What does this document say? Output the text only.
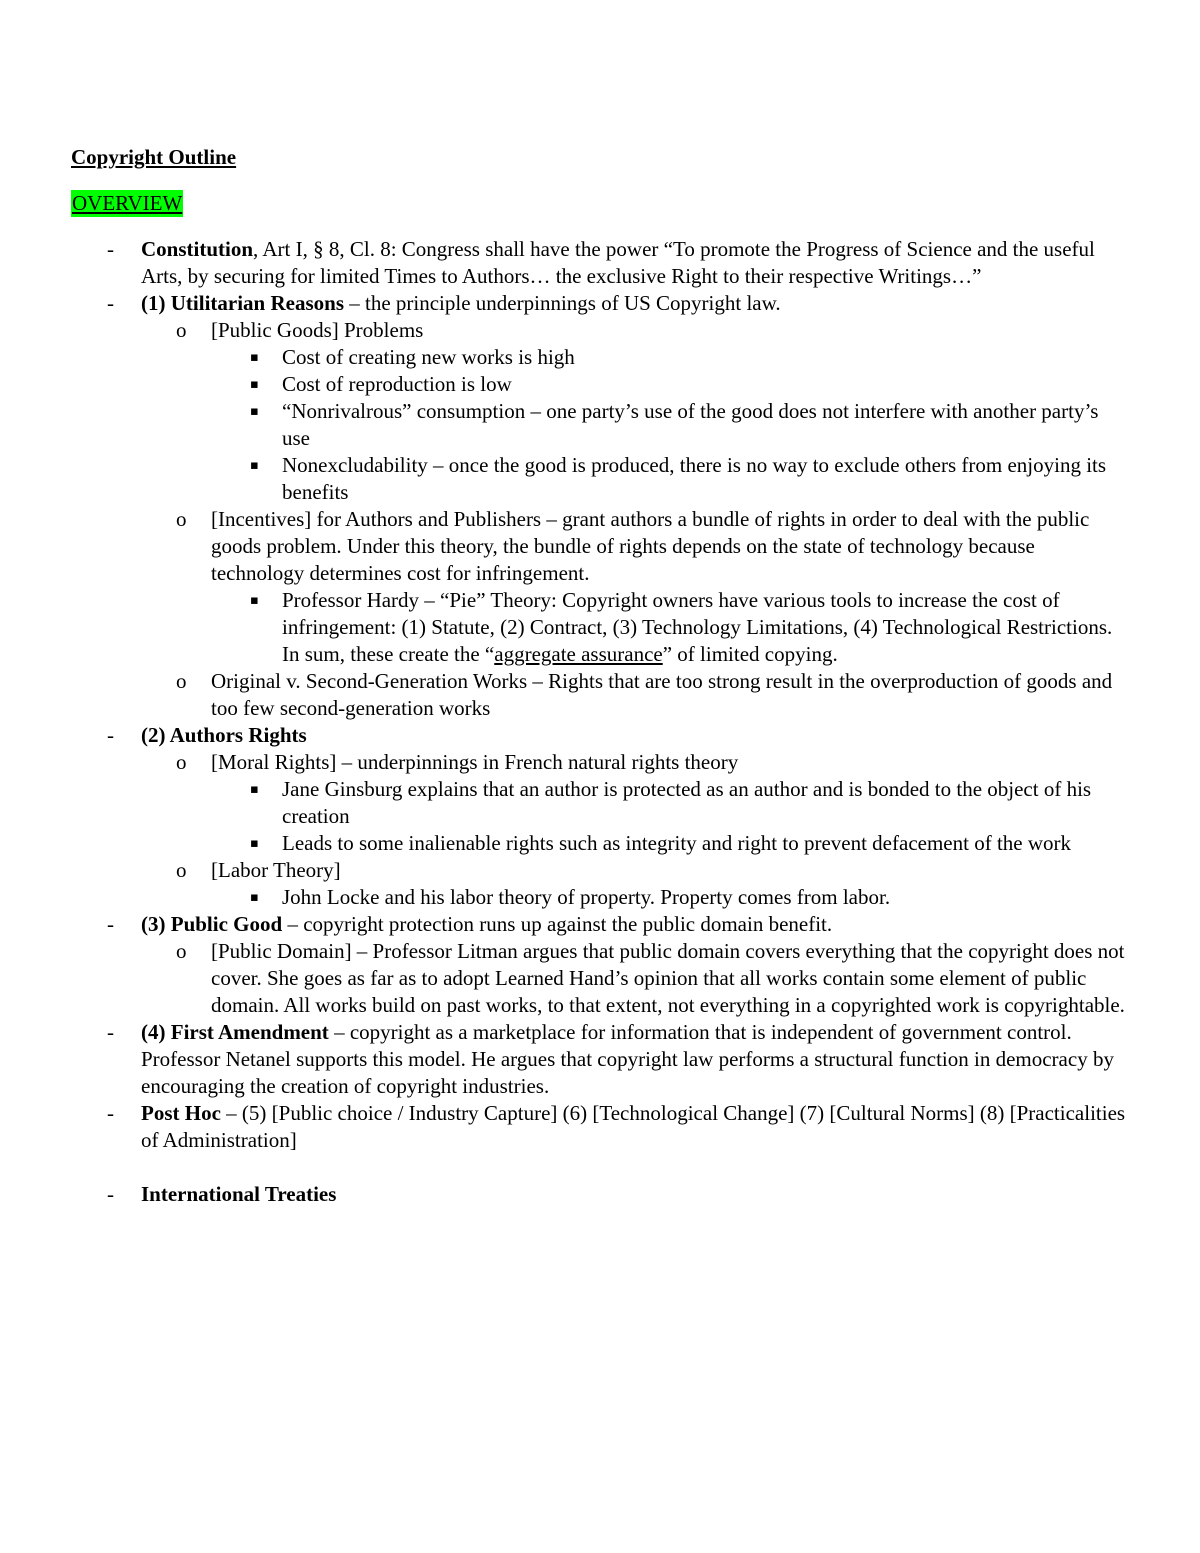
Copyright Outline
OVERVIEW
- Constitution, Art I, § 8, Cl. 8: Congress shall have the power “To promote the Progress of Science and the useful Arts, by securing for limited Times to Authors… the exclusive Right to their respective Writings…”
- (1) Utilitarian Reasons – the principle underpinnings of US Copyright law.
o [Public Goods] Problems
▪ Cost of creating new works is high
▪ Cost of reproduction is low
▪ “Nonrivalrous” consumption – one party’s use of the good does not interfere with another party’s use
▪ Nonexcludability – once the good is produced, there is no way to exclude others from enjoying its benefits
o [Incentives] for Authors and Publishers – grant authors a bundle of rights in order to deal with the public goods problem. Under this theory, the bundle of rights depends on the state of technology because technology determines cost for infringement.
▪ Professor Hardy – “Pie” Theory: Copyright owners have various tools to increase the cost of infringement: (1) Statute, (2) Contract, (3) Technology Limitations, (4) Technological Restrictions. In sum, these create the “aggregate assurance” of limited copying.
o Original v. Second-Generation Works – Rights that are too strong result in the overproduction of goods and too few second-generation works
- (2) Authors Rights
o [Moral Rights] – underpinnings in French natural rights theory
▪ Jane Ginsburg explains that an author is protected as an author and is bonded to the object of his creation
▪ Leads to some inalienable rights such as integrity and right to prevent defacement of the work
o [Labor Theory]
▪ John Locke and his labor theory of property. Property comes from labor.
- (3) Public Good – copyright protection runs up against the public domain benefit.
o [Public Domain] – Professor Litman argues that public domain covers everything that the copyright does not cover. She goes as far as to adopt Learned Hand’s opinion that all works contain some element of public domain. All works build on past works, to that extent, not everything in a copyrighted work is copyrightable.
- (4) First Amendment – copyright as a marketplace for information that is independent of government control. Professor Netanel supports this model. He argues that copyright law performs a structural function in democracy by encouraging the creation of copyright industries.
- Post Hoc – (5) [Public choice / Industry Capture] (6) [Technological Change] (7) [Cultural Norms] (8) [Practicalities of Administration]
- International Treaties
